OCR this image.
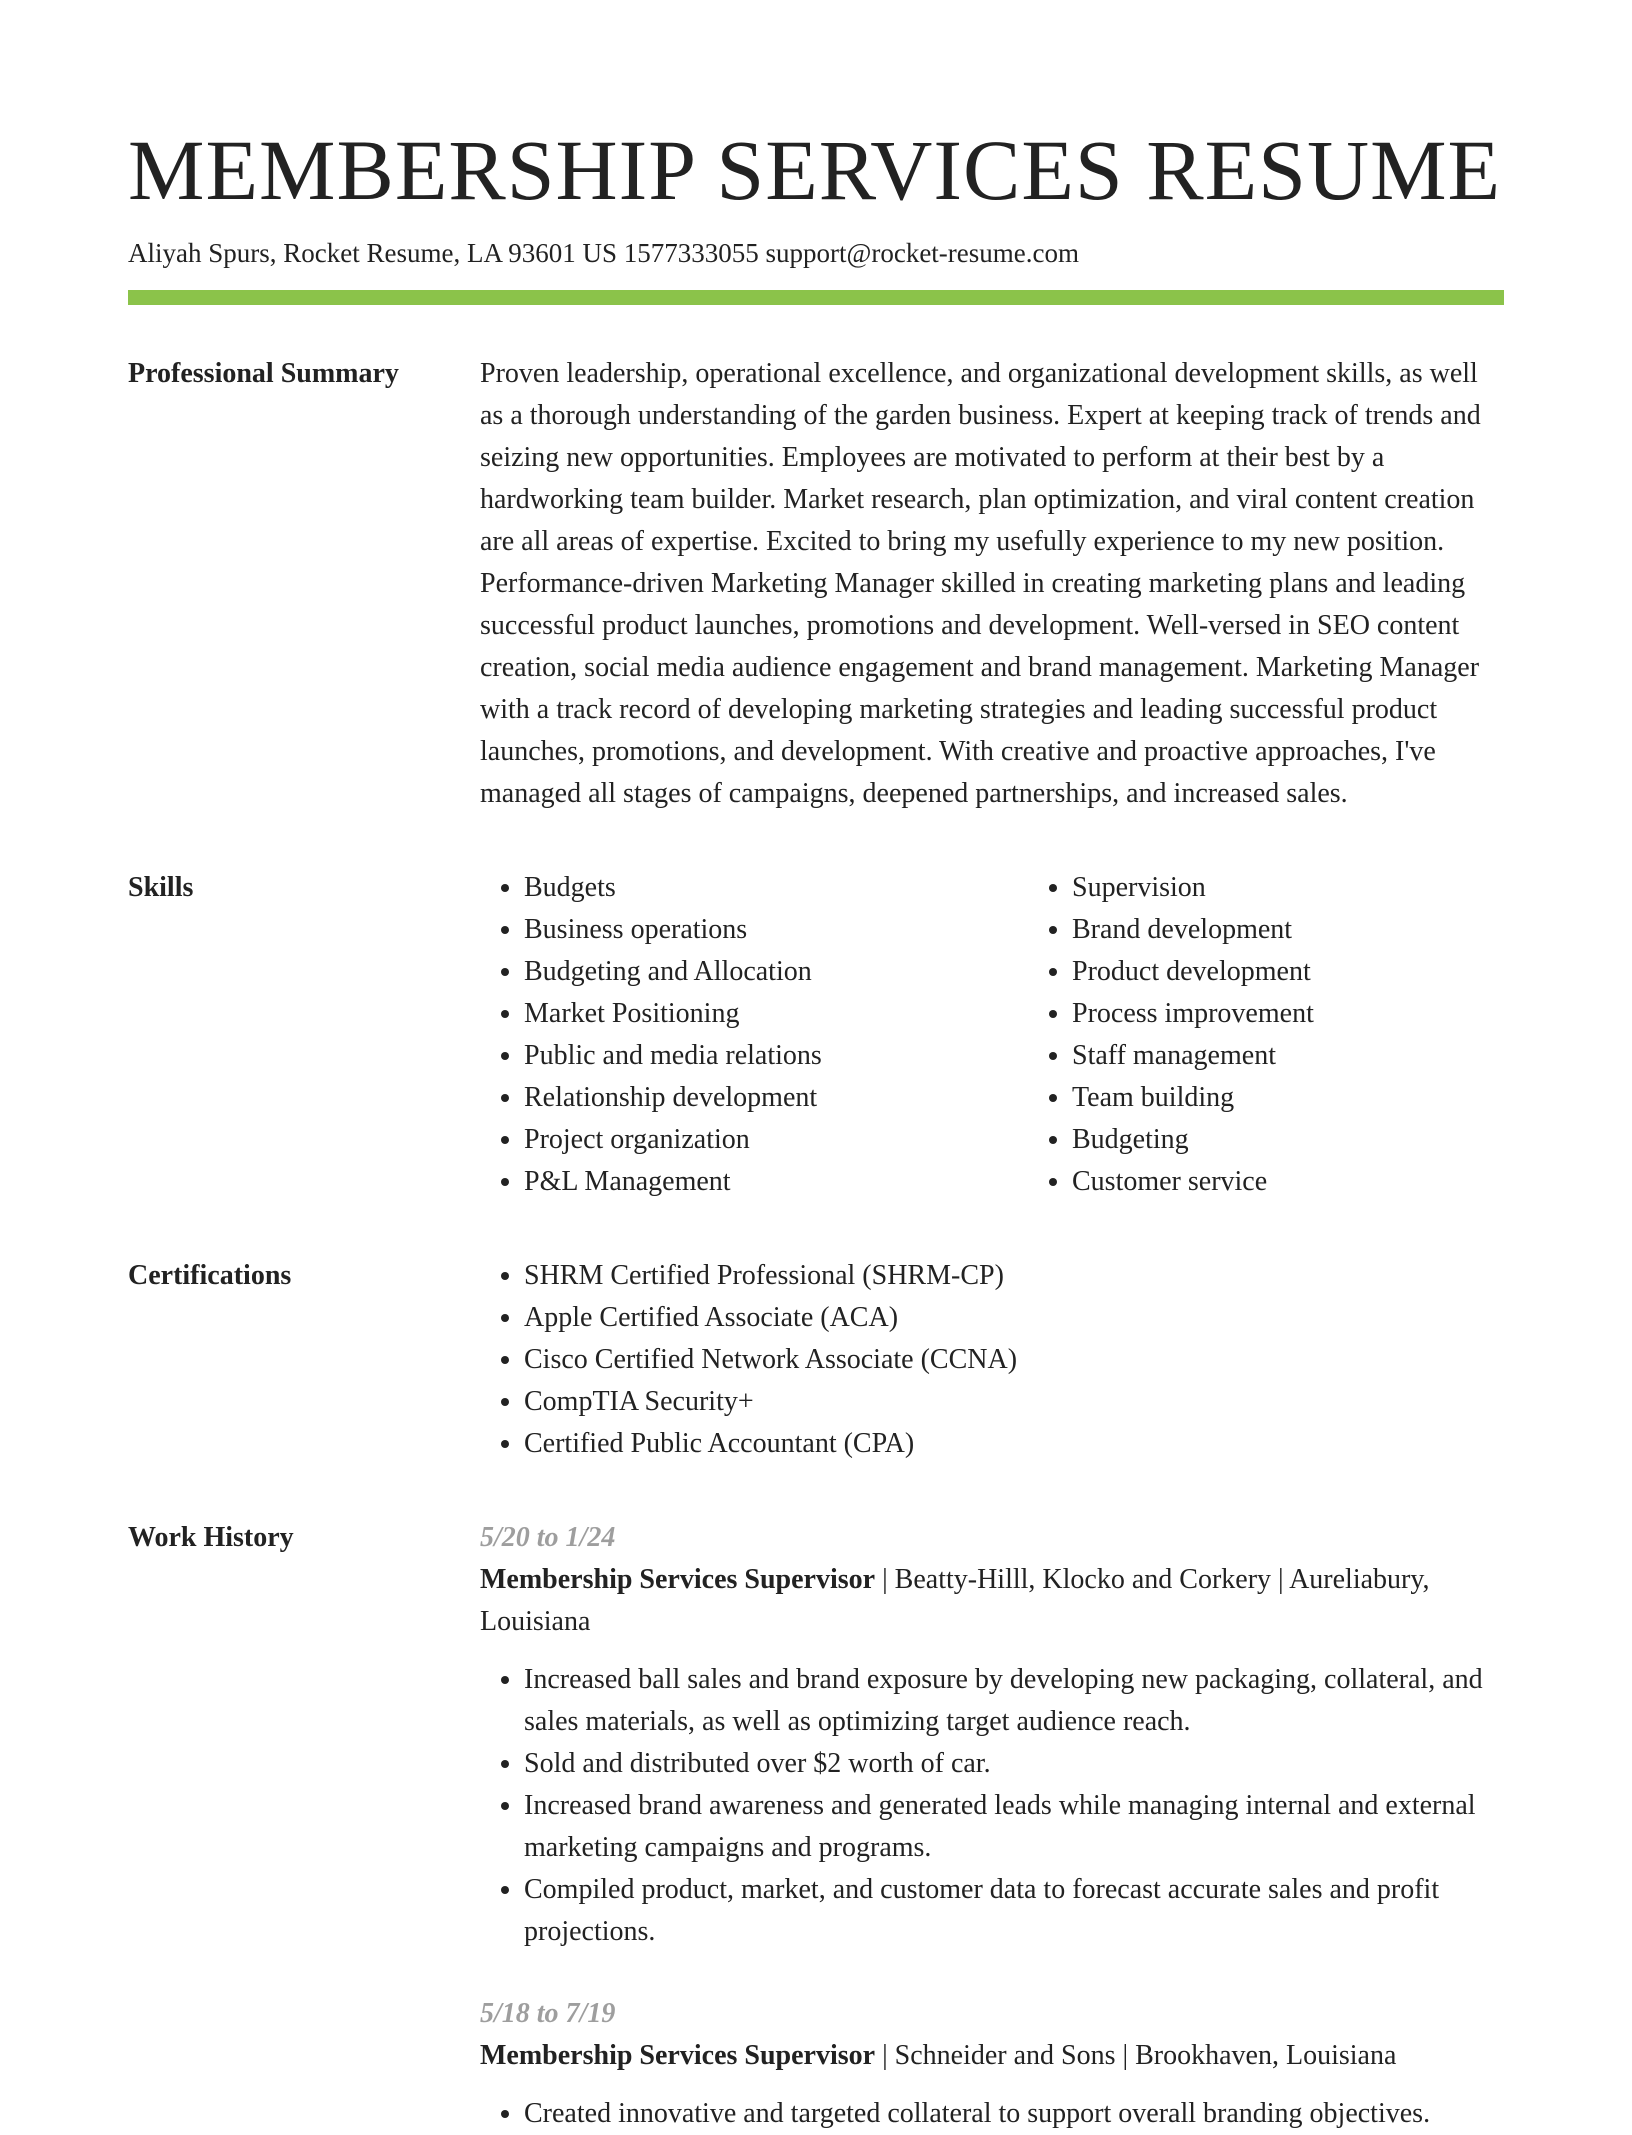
MEMBERSHIP SERVICES RESUME
Aliyah Spurs, Rocket Resume, LA 93601 US 1577333055 support@rocket-resume.com
Professional Summary	Proven leadership, operational excellence, and organizational development skills, as well as a thorough understanding of the garden business. Expert at keeping track of trends and seizing new opportunities. Employees are motivated to perform at their best by a hardworking team builder. Market research, plan optimization, and viral content creation are all areas of expertise. Excited to bring my usefully experience to my new position. Performance-driven Marketing Manager skilled in creating marketing plans and leading successful product launches, promotions and development. Well-versed in SEO content creation, social media audience engagement and brand management. Marketing Manager with a track record of developing marketing strategies and leading successful product launches, promotions, and development. With creative and proactive approaches, I've managed all stages of campaigns, deepened partnerships, and increased sales.

Skills	• Budgets
• Business operations
• Budgeting and Allocation
• Market Positioning
• Public and media relations
• Relationship development
• Project organization
• P&L Management
• Supervision
• Brand development
• Product development
• Process improvement
• Staff management
• Team building
• Budgeting
• Customer service
Certifications	• SHRM Certified Professional (SHRM-CP)
• Apple Certified Associate (ACA)
• Cisco Certified Network Associate (CCNA)
• CompTIA Security+
• Certified Public Accountant (CPA)
Work History	5/20 to 1/24
Membership Services Supervisor | Beatty-Hilll, Klocko and Corkery | Aureliabury, Louisiana
• Increased ball sales and brand exposure by developing new packaging, collateral, and sales materials, as well as optimizing target audience reach.
• Sold and distributed over $2 worth of car.
• Increased brand awareness and generated leads while managing internal and external marketing campaigns and programs.
• Compiled product, market, and customer data to forecast accurate sales and profit projections.
5/18 to 7/19
Membership Services Supervisor | Schneider and Sons | Brookhaven, Louisiana
• Created innovative and targeted collateral to support overall branding objectives.
